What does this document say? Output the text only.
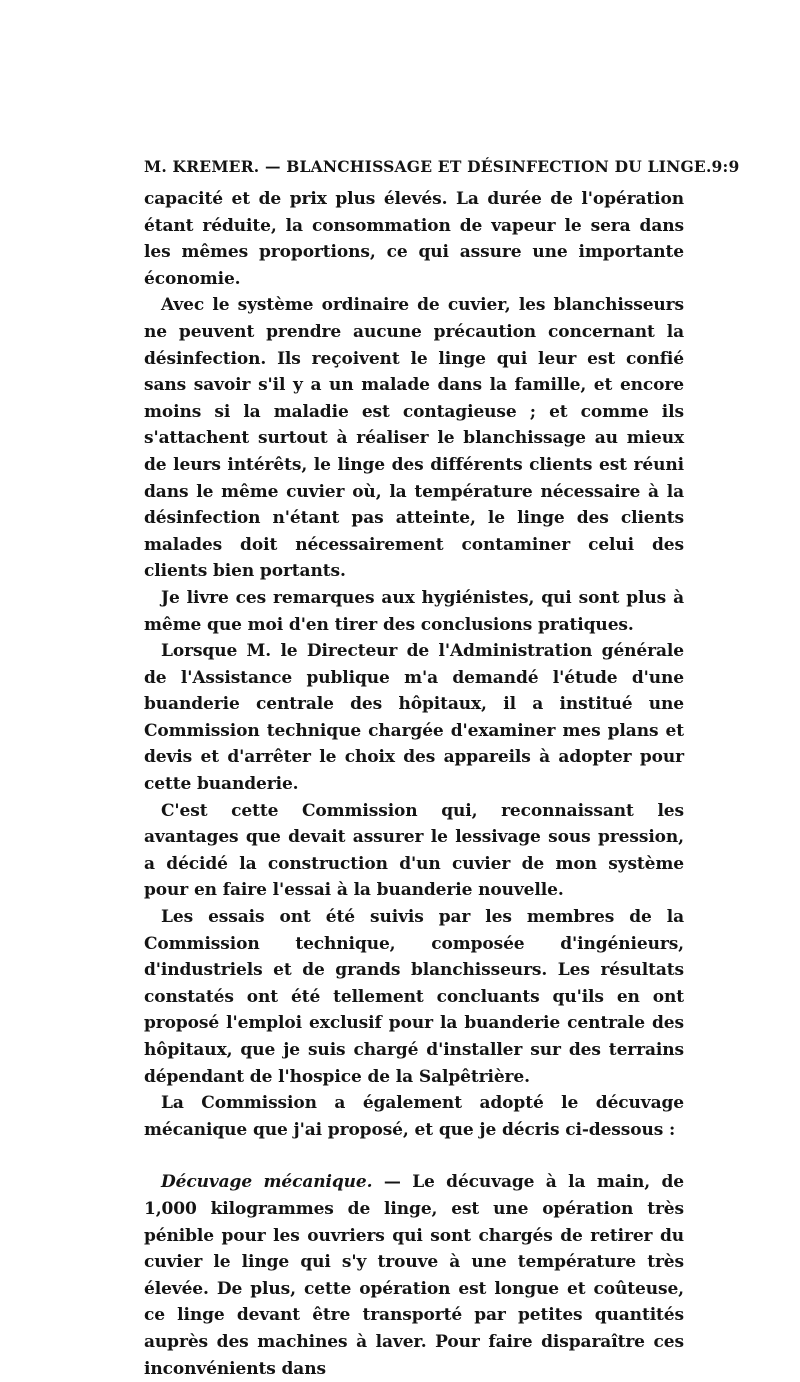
M. KREMER. — BLANCHISSAGE ET DÉSINFECTION DU LINGE. 9:9

capacité et de prix plus élevés. La durée de l'opération étant réduite, la consommation de vapeur le sera dans les mêmes proportions, ce qui assure une importante économie.

Avec le système ordinaire de cuvier, les blanchisseurs ne peuvent prendre aucune précaution concernant la désinfection. Ils reçoivent le linge qui leur est confié sans savoir s'il y a un malade dans la famille, et encore moins si la maladie est contagieuse ; et comme ils s'attachent surtout à réaliser le blanchissage au mieux de leurs intérêts, le linge des différents clients est réuni dans le même cuvier où, la température nécessaire à la désinfection n'étant pas atteinte, le linge des clients malades doit nécessairement contaminer celui des clients bien portants.

Je livre ces remarques aux hygiénistes, qui sont plus à même que moi d'en tirer des conclusions pratiques.

Lorsque M. le Directeur de l'Administration générale de l'Assistance publique m'a demandé l'étude d'une buanderie centrale des hôpitaux, il a institué une Commission technique chargée d'examiner mes plans et devis et d'arrêter le choix des appareils à adopter pour cette buanderie.

C'est cette Commission qui, reconnaissant les avantages que devait assurer le lessivage sous pression, a décidé la construction d'un cuvier de mon système pour en faire l'essai à la buanderie nouvelle.

Les essais ont été suivis par les membres de la Commission technique, composée d'ingénieurs, d'industriels et de grands blanchisseurs. Les résultats constatés ont été tellement concluants qu'ils en ont proposé l'emploi exclusif pour la buanderie centrale des hôpitaux, que je suis chargé d'installer sur des terrains dépendant de l'hospice de la Salpêtrière.

La Commission a également adopté le décuvage mécanique que j'ai proposé, et que je décris ci-dessous :

Décuvage mécanique. — Le décuvage à la main, de 1,000 kilogrammes de linge, est une opération très pénible pour les ouvriers qui sont chargés de retirer du cuvier le linge qui s'y trouve à une température très élevée. De plus, cette opération est longue et coûteuse, ce linge devant être transporté par petites quantités auprès des machines à laver. Pour faire disparaître ces inconvénients dans
